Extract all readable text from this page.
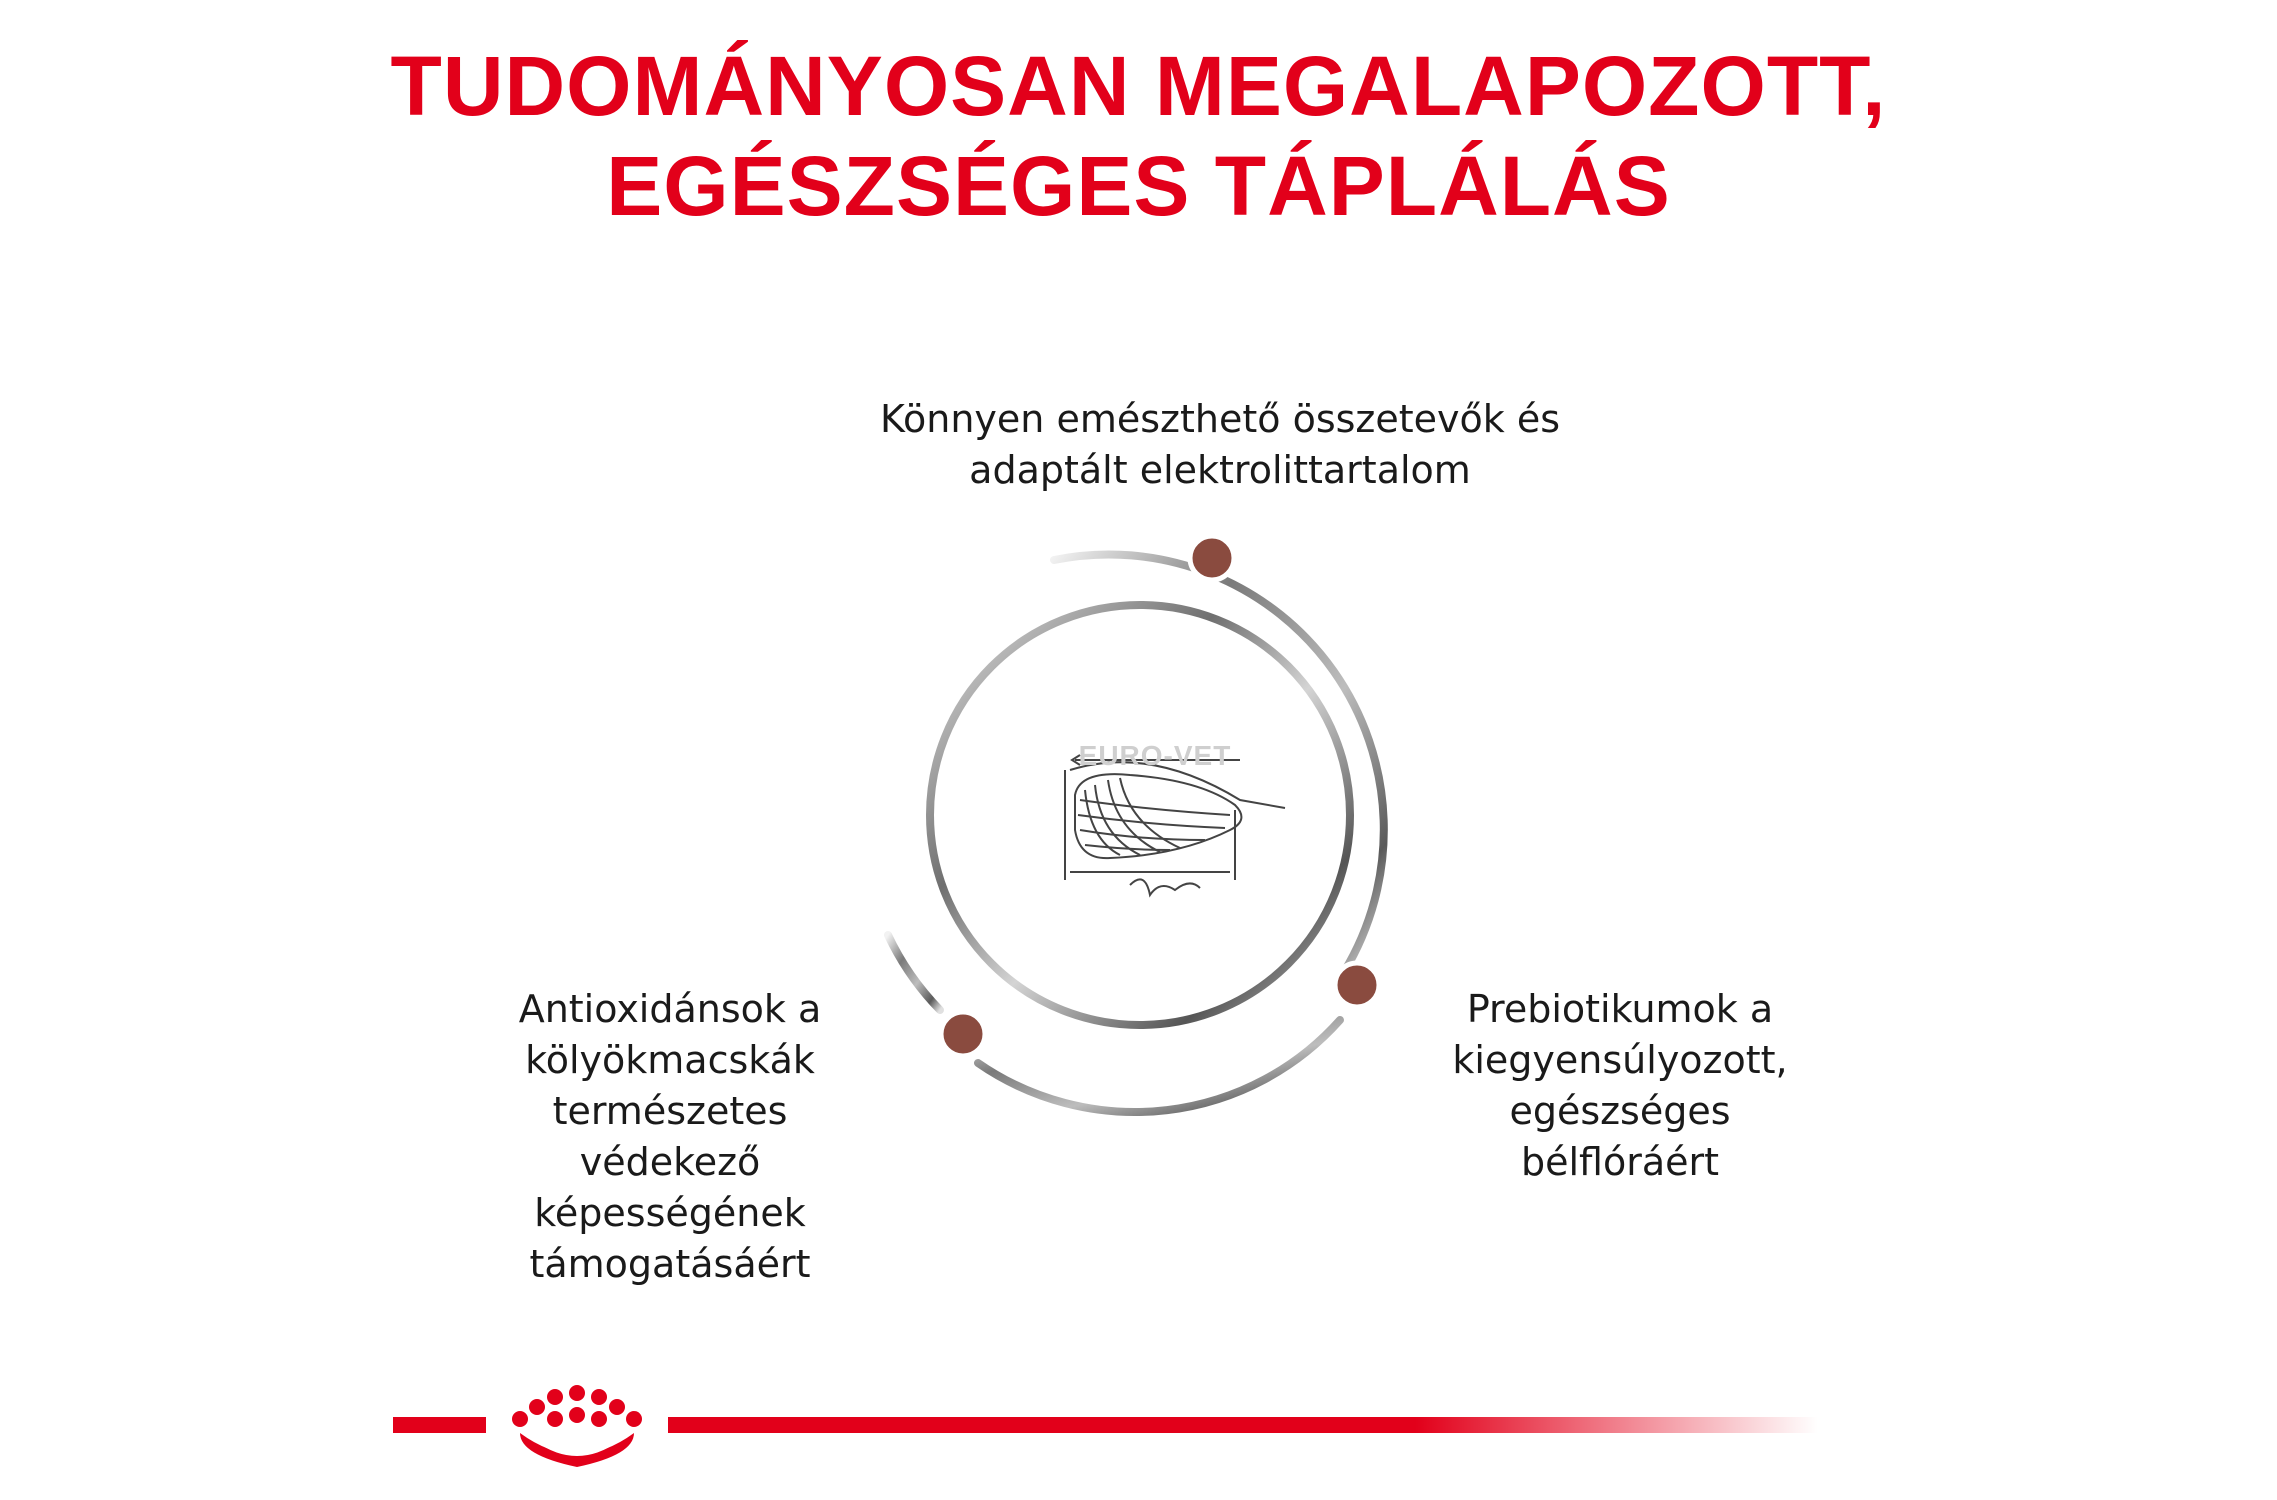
TUDOMÁNYOSAN MEGALAPOZOTT,
EGÉSZSÉGES TÁPLÁLÁS
Könnyen emészthető összetevők és
adaptált elektrolittartalom
Prebiotikumok a
kiegyensúlyozott,
egészséges
bélflóráért
Antioxidánsok a
kölyökmacskák
természetes
védekező
képességének
támogatásáért
EURO-VET
